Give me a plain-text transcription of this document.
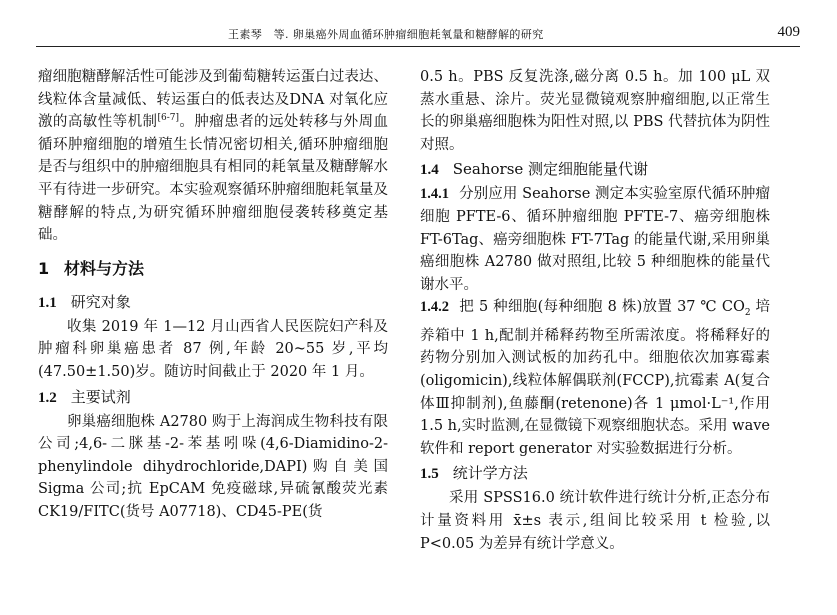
王素琴　等. 卵巢癌外周血循环肿瘤细胞耗氧量和糖酵解的研究	409

瘤细胞糖酵解活性可能涉及到葡萄糖转运蛋白过表达、线粒体含量减低、转运蛋白的低表达及DNA 对氧化应激的高敏性等机制[6-7]。肿瘤患者的远处转移与外周血循环肿瘤细胞的增殖生长情况密切相关,循环肿瘤细胞是否与组织中的肿瘤细胞具有相同的耗氧量及糖酵解水平有待进一步研究。本实验观察循环肿瘤细胞耗氧量及糖酵解的特点,为研究循环肿瘤细胞侵袭转移奠定基础。

1 材料与方法
1.1 研究对象

收集 2019 年 1—12 月山西省人民医院妇产科及肿瘤科卵巢癌患者 87 例,年龄 20~55 岁,平均(47.50±1.50)岁。随访时间截止于 2020 年 1 月。

1.2 主要试剂

卵巢癌细胞株 A2780 购于上海润成生物科技有限公司;4,6-二脒基-2-苯基吲哚(4,6-Diamidino-2-phenylindole dihydrochloride,DAPI)购自美国 Sigma 公司;抗 EpCAM 免疫磁球,异硫氰酸荧光素 CK19/FITC(货号 A07718)、CD45-PE(货

0.5 h。PBS 反复洗涤,磁分离 0.5 h。加 100 μL 双蒸水重悬、涂片。荧光显微镜观察肿瘤细胞,以正常生长的卵巢癌细胞株为阳性对照,以 PBS 代替抗体为阴性对照。

1.4 Seahorse 测定细胞能量代谢

1.4.1 分别应用 Seahorse 测定本实验室原代循环肿瘤细胞 PFTE-6、循环肿瘤细胞 PFTE-7、癌旁细胞株 FT-6Tag、癌旁细胞株 FT-7Tag 的能量代谢,采用卵巢癌细胞株 A2780 做对照组,比较 5 种细胞株的能量代谢水平。

1.4.2 把 5 种细胞(每种细胞 8 株)放置 37 ℃ $CO_2$ 培养箱中 1 h,配制并稀释药物至所需浓度。将稀释好的药物分别加入测试板的加药孔中。细胞依次加寡霉素(oligomicin),线粒体解偶联剂(FCCP),抗霉素 A(复合体Ⅲ抑制剂),鱼藤酮(retenone)各 1 μmol·L⁻¹,作用 1.5 h,实时监测,在显微镜下观察细胞状态。采用 wave 软件和 report generator 对实验数据进行分析。

1.5 统计学方法

采用 SPSS16.0 统计软件进行统计分析,正态分布计量资料用 x̄±s 表示,组间比较采用 t 检验,以 P<0.05 为差异有统计学意义。
